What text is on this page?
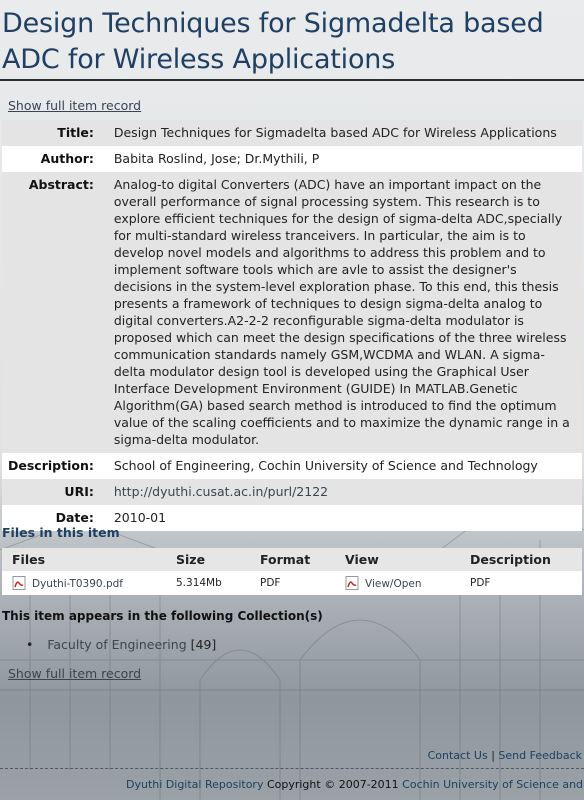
Design Techniques for Sigmadelta based ADC for Wireless Applications
Show full item record
Title:	Design Techniques for Sigmadelta based ADC for Wireless Applications
Author:	Babita Roslind, Jose; Dr.Mythili, P
Abstract:	Analog-to digital Converters (ADC) have an important impact on the overall performance of signal processing system. This research is to explore efficient techniques for the design of sigma-delta ADC,specially for multi-standard wireless tranceivers. In particular, the aim is to develop novel models and algorithms to address this problem and to implement software tools which are avle to assist the designer's decisions in the system-level exploration phase. To this end, this thesis presents a framework of techniques to design sigma-delta analog to digital converters.A2-2-2 reconfigurable sigma-delta modulator is proposed which can meet the design specifications of the three wireless communication standards namely GSM,WCDMA and WLAN. A sigma-delta modulator design tool is developed using the Graphical User Interface Development Environment (GUIDE) In MATLAB.Genetic Algorithm(GA) based search method is introduced to find the optimum value of the scaling coefficients and to maximize the dynamic range in a sigma-delta modulator.
Description:	School of Engineering, Cochin University of Science and Technology
URI:	http://dyuthi.cusat.ac.in/purl/2122
Date:	2010-01
Files in this item
Files	Size	Format	View	Description
Dyuthi-T0390.pdf	5.314Mb	PDF	View/Open	PDF
This item appears in the following Collection(s)
• Faculty of Engineering [49]
Show full item record
Contact Us | Send Feedback
Dyuthi Digital Repository Copyright © 2007-2011 Cochin University of Science and
